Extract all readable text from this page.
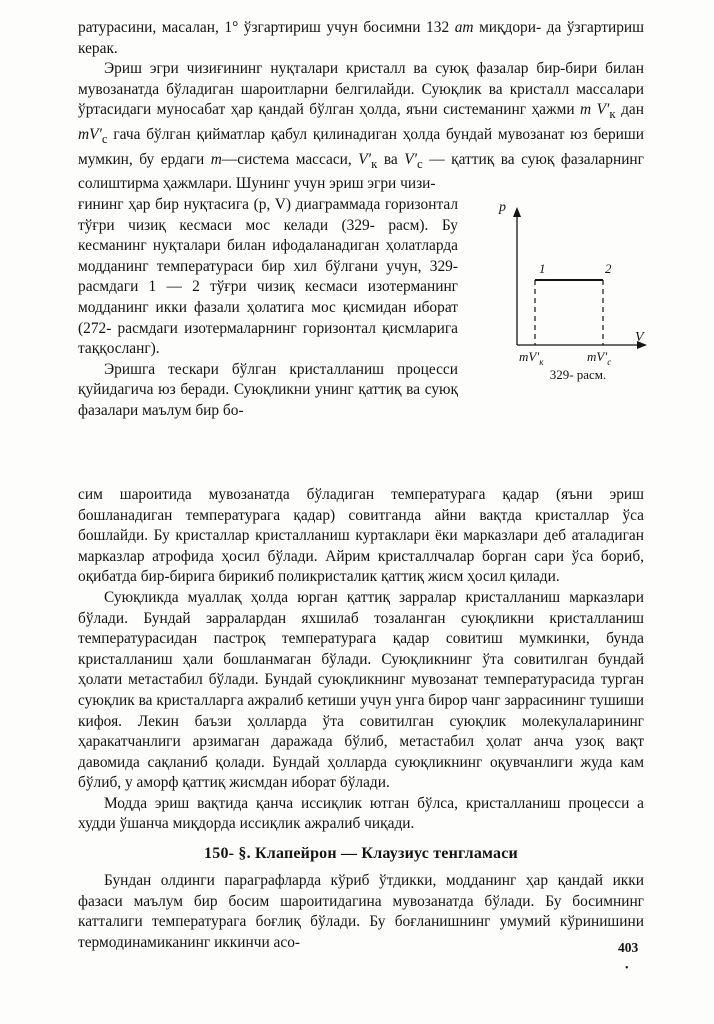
ратурасини, масалан, 1° ўзгартириш учун босимни 132 ат миқдори- да ўзгартириш керак.

Эриш эгри чизиғининг нуқталари кристалл ва суюқ фазалар бир-бири билан мувозанатда бўладиган шароитларни белгилайди. Суюқлик ва кристалл массалари ўртасидаги муносабат ҳар қандай бўлган ҳолда, яъни системанинг ҳажми m $V'_к$ дан $mV'_с$ гача бўлган қийматлар қабул қилинадиган ҳолда бундай мувозанат юз бериши мумкин, бу ердаги m—система массаси, $V'_к$ ва $V'_с$ — қаттиқ ва суюқ фазаларнинг солиштирма ҳажмлари. Шунинг учун эриш эгри чизи-

ғининг ҳар бир нуқтасига (p, V) диаграммада горизонтал тўғри чизиқ кесмаси мос келади (329- расм). Бу кесманинг нуқталари билан ифодаланадиган ҳолатларда модданинг температураси бир хил бўлгани учун, 329- расмдаги 1 — 2 тўғри чизиқ кесмаси изотерманинг модданинг икки фазали ҳолатига мос қисмидан иборат (272- расмдаги изотермаларнинг горизонтал қисмларига таққосланг).

Эришга тескари бўлган кристалланиш процесси қуйидагича юз беради. Суюқликни унинг қаттиқ ва суюқ фазалари маълум бир бо-

p
V
1	2
$mV'_к$	$mV'_с$
329- расм.

сим шароитида мувозанатда бўладиган температурага қадар (яъни эриш бошланадиган температурага қадар) совитганда айни вақтда кристаллар ўса бошлайди. Бу кристаллар кристалланиш куртаклари ёки марказлари деб аталадиган марказлар атрофида ҳосил бўлади. Айрим кристаллчалар борган сари ўса бориб, оқибатда бир-бирига бирикиб поликристалик қаттиқ жисм ҳосил қилади.

Суюқликда муаллақ ҳолда юрган қаттиқ зарралар кристалланиш марказлари бўлади. Бундай зарралардан яхшилаб тозаланган суюқликни кристалланиш температурасидан пастроқ температурага қадар совитиш мумкинки, бунда кристалланиш ҳали бошланмаган бўлади. Суюқликнинг ўта совитилган бундай ҳолати метастабил бўлади. Бундай суюқликнинг мувозанат температурасида турган суюқлик ва кристалларга ажралиб кетиши учун унга бирор чанг заррасининг тушиши кифоя. Лекин баъзи ҳолларда ўта совитилган суюқлик молекулаларининг ҳаракатчанлиги арзимаган даражада бўлиб, метастабил ҳолат анча узоқ вақт давомида сақланиб қолади. Бундай ҳолларда суюқликнинг оқувчанлиги жуда кам бўлиб, у аморф қаттиқ жисмдан иборат бўлади.

Модда эриш вақтида қанча иссиқлик ютган бўлса, кристалланиш процесси а худди ўшанча миқдорда иссиқлик ажралиб чиқади.

150- §. Клапейрон — Клаузиус тенгламаси

Бундан олдинги параграфларда кўриб ўтдикки, модданинг ҳар қандай икки фазаси маълум бир босим шароитидагина мувозанатда бўлади. Бу босимнинг катталиги температурага боғлиқ бўлади. Бу боғланишнинг умумий кўринишини термодинамиканинг иккинчи асо-	403
•
